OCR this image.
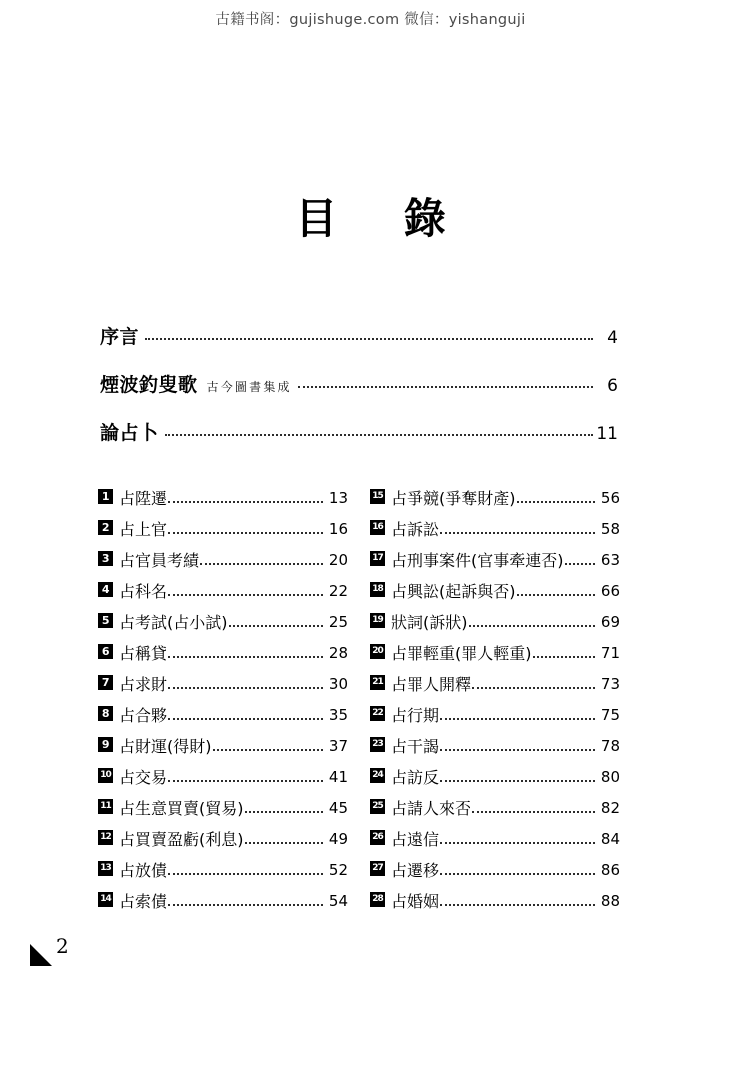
古籍书阁：gujishuge.com 微信：yishanguji
目 錄
序言	4
煙波釣叟歌 古今圖書集成	6
論占卜	11
1 占陞遷	13
2 占上官	16
3 占官員考績	20
4 占科名	22
5 占考試(占小試)	25
6 占稱貸	28
7 占求財	30
8 占合夥	35
9 占財運(得財)	37
10 占交易	41
11 占生意買賣(貿易)	45
12 占買賣盈虧(利息)	49
13 占放債	52
14 占索債	54
15 占爭競(爭奪財產)	56
16 占訴訟	58
17 占刑事案件(官事牽連否) 63
18 占興訟(起訴與否)	66
19 狀詞(訴狀)	69
20 占罪輕重(罪人輕重)	71
21 占罪人開釋	73
22 占行期	75
23 占干謁	78
24 占訪反	80
25 占請人來否	82
26 占遠信	84
27 占遷移	86
28 占婚姻	88
2
